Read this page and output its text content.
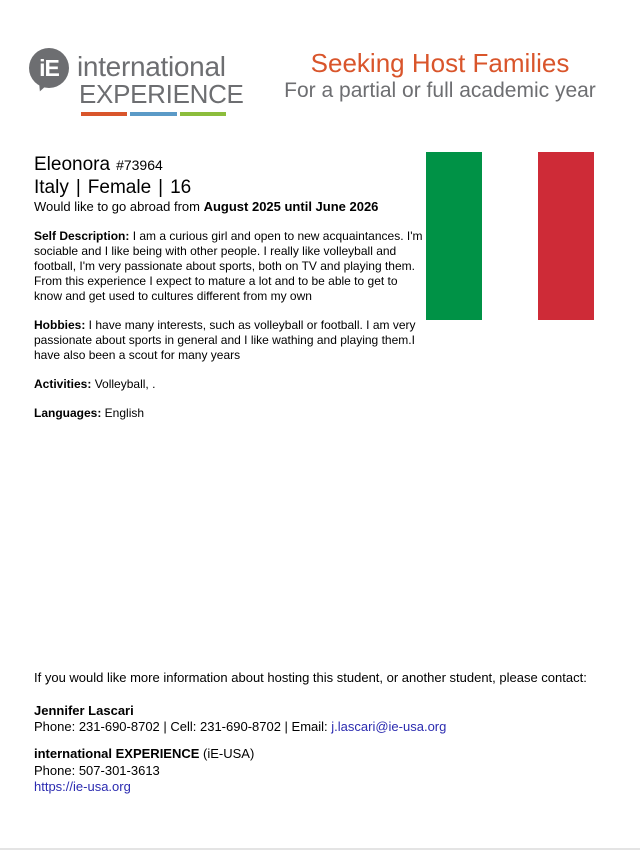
iE international
EXPERIENCE
Seeking Host Families
For a partial or full academic year
Eleonora #73964
Italy | Female | 16
Would like to go abroad from August 2025 until June 2026
Self Description: I am a curious girl and open to new acquaintances. I'm sociable and I like being with other people. I really like volleyball and football, I'm very passionate about sports, both on TV and playing them. From this experience I expect to mature a lot and to be able to get to know and get used to cultures different from my own
Hobbies: I have many interests, such as volleyball or football. I am very passionate about sports in general and I like wathing and playing them.I have also been a scout for many years
Activities: Volleyball, .
Languages: English
If you would like more information about hosting this student, or another student, please contact:
Jennifer Lascari
Phone: 231-690-8702 | Cell: 231-690-8702 | Email: j.lascari@ie-usa.org
international EXPERIENCE (iE-USA)
Phone: 507-301-3613
https://ie-usa.org
